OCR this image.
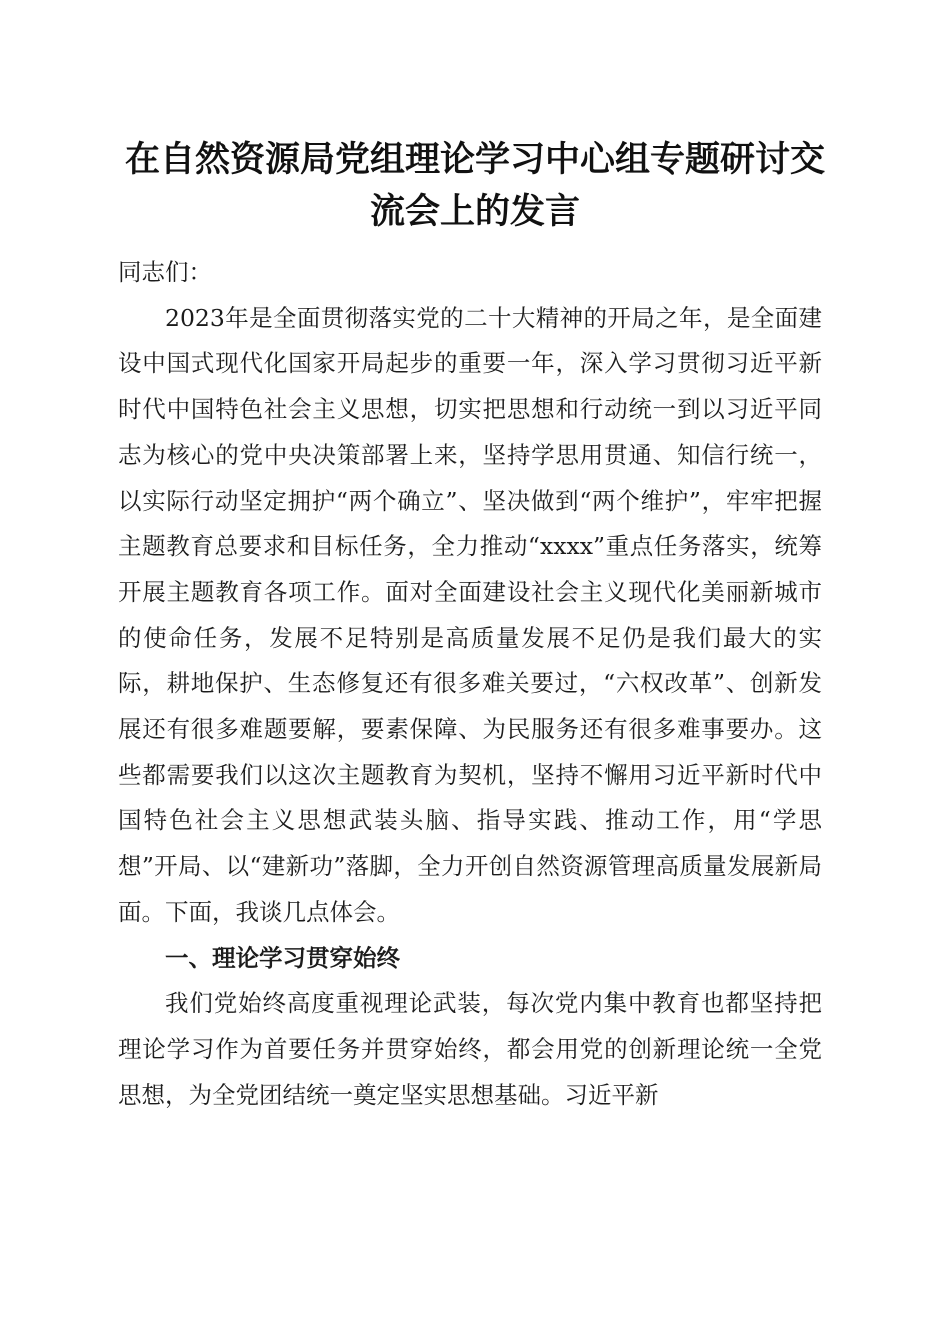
在自然资源局党组理论学习中心组专题研讨交流会上的发言

同志们：

2023年是全面贯彻落实党的二十大精神的开局之年，是全面建设中国式现代化国家开局起步的重要一年，深入学习贯彻习近平新时代中国特色社会主义思想，切实把思想和行动统一到以习近平同志为核心的党中央决策部署上来，坚持学思用贯通、知信行统一，以实际行动坚定拥护“两个确立”、坚决做到“两个维护”，牢牢把握主题教育总要求和目标任务，全力推动“xxxx”重点任务落实，统筹开展主题教育各项工作。面对全面建设社会主义现代化美丽新城市的使命任务，发展不足特别是高质量发展不足仍是我们最大的实际，耕地保护、生态修复还有很多难关要过，“六权改革”、创新发展还有很多难题要解，要素保障、为民服务还有很多难事要办。这些都需要我们以这次主题教育为契机，坚持不懈用习近平新时代中国特色社会主义思想武装头脑、指导实践、推动工作，用“学思想”开局、以“建新功”落脚，全力开创自然资源管理高质量发展新局面。下面，我谈几点体会。

一、理论学习贯穿始终

我们党始终高度重视理论武装，每次党内集中教育也都坚持把理论学习作为首要任务并贯穿始终，都会用党的创新理论统一全党思想，为全党团结统一奠定坚实思想基础。习近平新
